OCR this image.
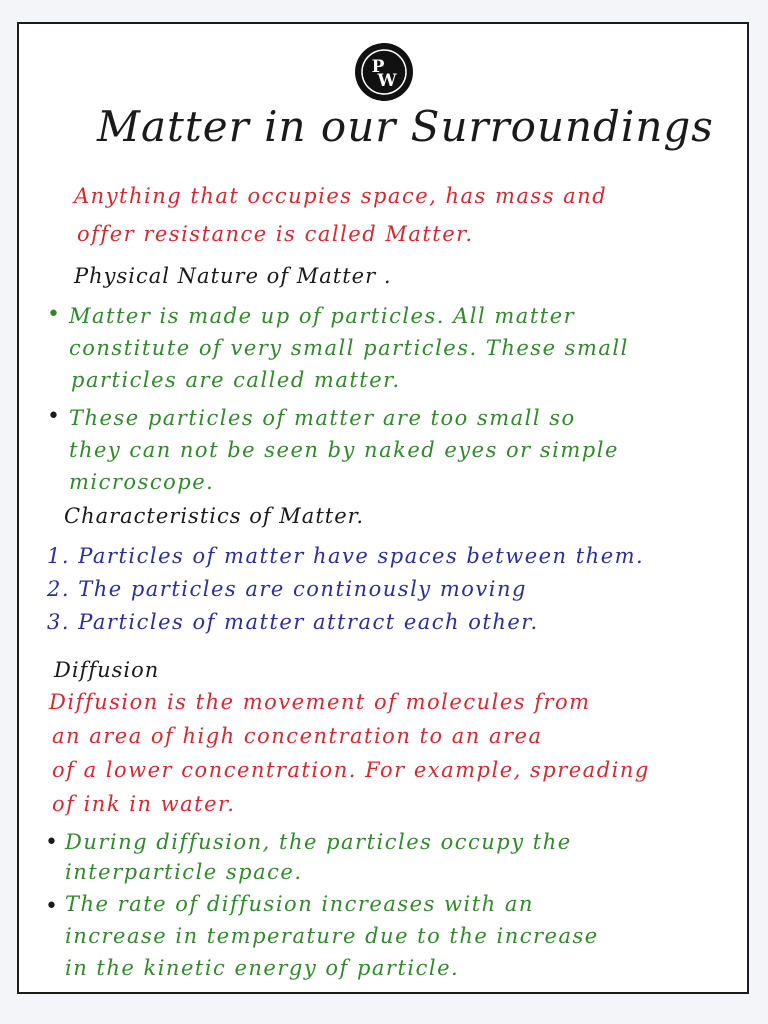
P
W

Matter in our Surroundings

Anything that occupies space, has mass and

offer resistance is called Matter.

Physical Nature of Matter .

• Matter is made up of particles. All matter

constitute of very small particles. These small

particles are called matter.

• These particles of matter are too small so

they can not be seen by naked eyes or simple

microscope.

Characteristics of Matter.

1. Particles of matter have spaces between them.

2. The particles are continously moving

3. Particles of matter attract each other.

Diffusion

Diffusion is the movement of molecules from

an area of high concentration to an area

of a lower concentration. For example, spreading

of ink in water.

• During diffusion, the particles occupy the

interparticle space.

• The rate of diffusion increases with an

increase in temperature due to the increase

in the kinetic energy of particle.
